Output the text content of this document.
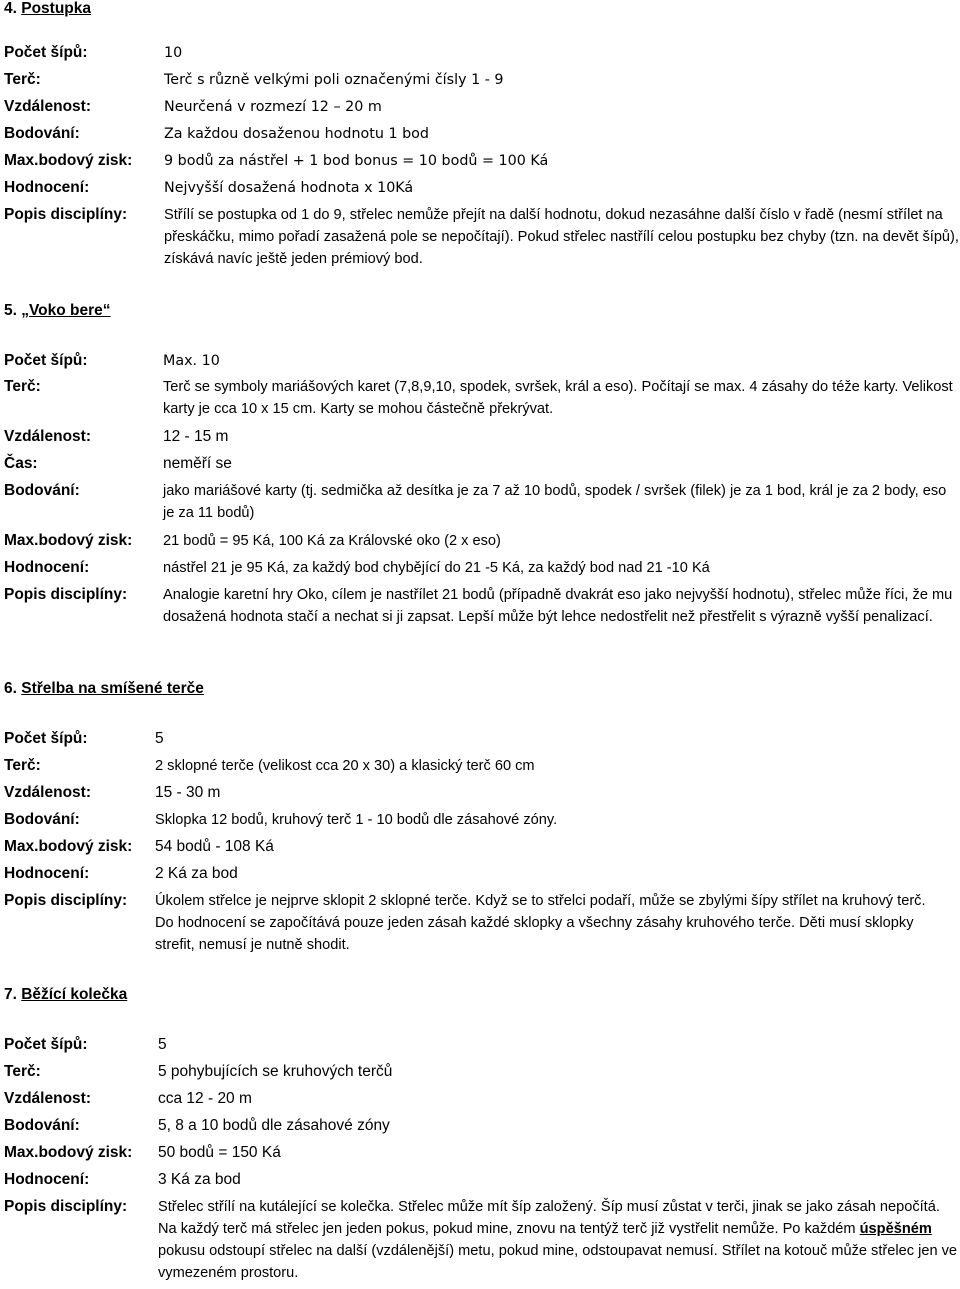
4. Postupka
Počet šípů:	10
Terč:	Terč s různě velkými poli označenými čísly 1 - 9
Vzdálenost:	Neurčená v rozmezí 12 – 20 m
Bodování:	Za každou dosaženou hodnotu 1 bod
Max.bodový zisk:	9 bodů za nástřel + 1 bod bonus = 10 bodů = 100 Ká
Hodnocení:	Nejvyšší dosažená hodnota x 10Ká
Popis disciplíny:	Střílí se postupka od 1 do 9, střelec nemůže přejít na další hodnotu, dokud nezasáhne další číslo v řadě (nesmí střílet na přeskáčku, mimo pořadí zasažená pole se nepočítají). Pokud střelec nastřílí celou postupku bez chyby (tzn. na devět šípů), získává navíc ještě jeden prémiový bod.
5. „Voko bere“
Počet šípů:	Max. 10
Terč:	Terč se symboly mariášových karet (7,8,9,10, spodek, svršek, král a eso). Počítají se max. 4 zásahy do téže karty. Velikost karty je cca 10 x 15 cm. Karty se mohou částečně překrývat.
Vzdálenost:	12 - 15 m
Čas:	neměří se
Bodování:	jako mariášové karty (tj. sedmička až desítka je za 7 až 10 bodů, spodek / svršek (filek) je za 1 bod, král je za 2 body, eso je za 11 bodů)
Max.bodový zisk:	21 bodů = 95 Ká, 100 Ká za Královské oko (2 x eso)
Hodnocení:	nástřel 21 je 95 Ká, za každý bod chybějící do 21 -5 Ká, za každý bod nad 21 -10 Ká
Popis disciplíny:	Analogie karetní hry Oko, cílem je nastřílet 21 bodů (případně dvakrát eso jako nejvyšší hodnotu), střelec může říci, že mu dosažená hodnota stačí a nechat si ji zapsat. Lepší může být lehce nedostřelit než přestřelit s výrazně vyšší penalizací.
6. Střelba na smíšené terče
Počet šípů:	5
Terč:	2 sklopné terče (velikost cca 20 x 30) a klasický terč 60 cm
Vzdálenost:	15 - 30 m
Bodování:	Sklopka 12 bodů, kruhový terč 1 - 10 bodů dle zásahové zóny.
Max.bodový zisk:	54 bodů - 108 Ká
Hodnocení:	2 Ká za bod
Popis disciplíny:	Úkolem střelce je nejprve sklopit 2 sklopné terče. Když se to střelci podaří, může se zbylými šípy střílet na kruhový terč. Do hodnocení se započítává pouze jeden zásah každé sklopky a všechny zásahy kruhového terče. Děti musí sklopky strefit, nemusí je nutně shodit.
7. Běžící kolečka
Počet šípů:	5
Terč:	5 pohybujících se kruhových terčů
Vzdálenost:	cca 12 - 20 m
Bodování:	5, 8 a 10 bodů dle zásahové zóny
Max.bodový zisk:	50 bodů = 150 Ká
Hodnocení:	3 Ká za bod
Popis disciplíny:	Střelec střílí na kutálející se kolečka. Střelec může mít šíp založený. Šíp musí zůstat v terči, jinak se jako zásah nepočítá. Na každý terč má střelec jen jeden pokus, pokud mine, znovu na tentýž terč již vystřelit nemůže. Po každém úspěšném pokusu odstoupí střelec na další (vzdálenější) metu, pokud mine, odstoupavat nemusí. Střílet na kotouč může střelec jen ve vymezeném prostoru.
